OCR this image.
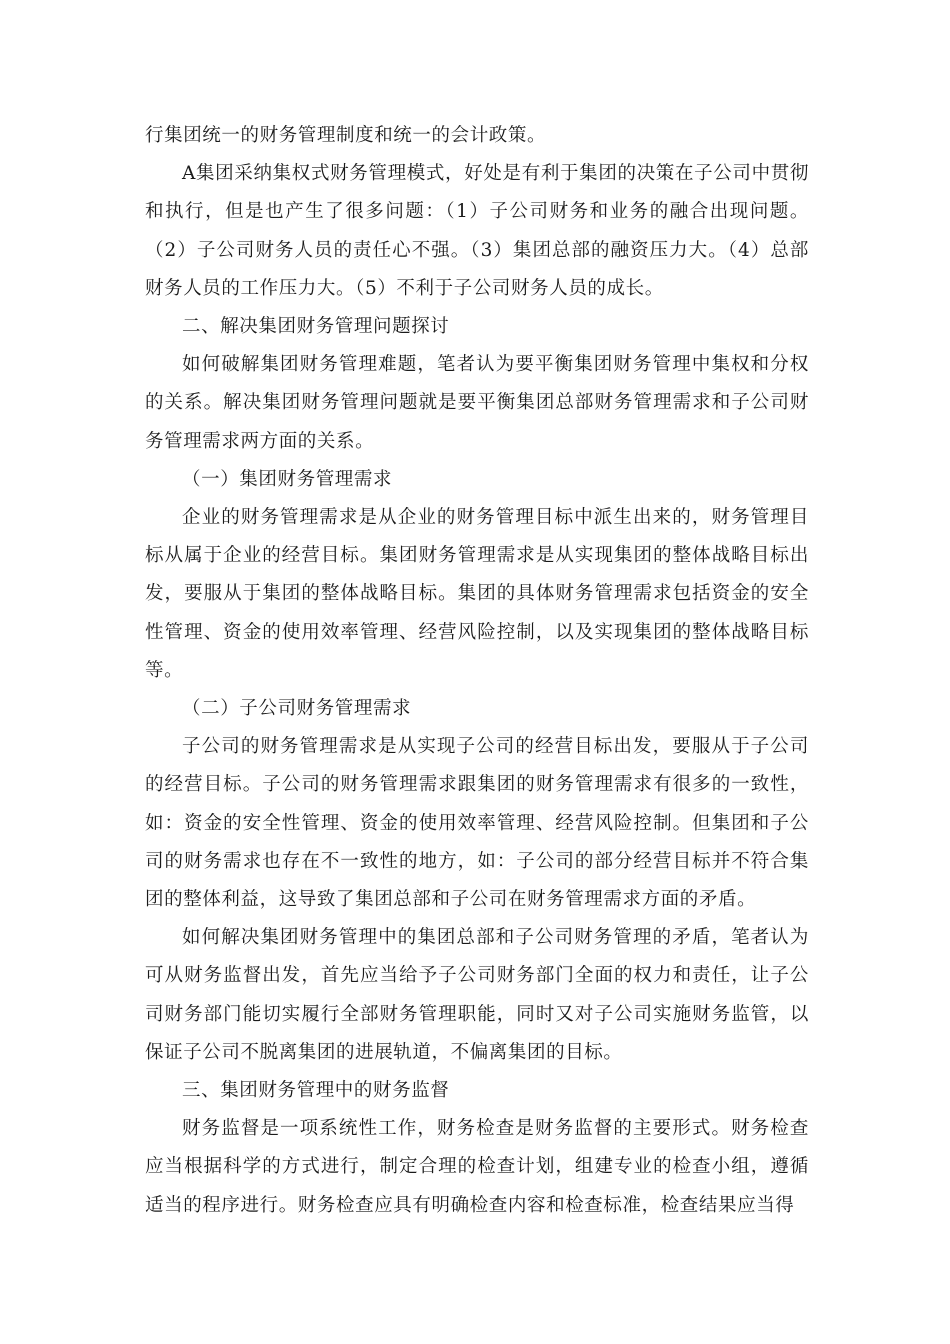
行集团统一的财务管理制度和统一的会计政策。

A集团采纳集权式财务管理模式，好处是有利于集团的决策在子公司中贯彻和执行，但是也产生了很多问题：（1）子公司财务和业务的融合出现问题。（2）子公司财务人员的责任心不强。（3）集团总部的融资压力大。（4）总部财务人员的工作压力大。（5）不利于子公司财务人员的成长。

二、解决集团财务管理问题探讨

如何破解集团财务管理难题，笔者认为要平衡集团财务管理中集权和分权的关系。解决集团财务管理问题就是要平衡集团总部财务管理需求和子公司财务管理需求两方面的关系。

（一）集团财务管理需求

企业的财务管理需求是从企业的财务管理目标中派生出来的，财务管理目标从属于企业的经营目标。集团财务管理需求是从实现集团的整体战略目标出发，要服从于集团的整体战略目标。集团的具体财务管理需求包括资金的安全性管理、资金的使用效率管理、经营风险控制，以及实现集团的整体战略目标等。

（二）子公司财务管理需求

子公司的财务管理需求是从实现子公司的经营目标出发，要服从于子公司的经营目标。子公司的财务管理需求跟集团的财务管理需求有很多的一致性，如：资金的安全性管理、资金的使用效率管理、经营风险控制。但集团和子公司的财务需求也存在不一致性的地方，如：子公司的部分经营目标并不符合集团的整体利益，这导致了集团总部和子公司在财务管理需求方面的矛盾。

如何解决集团财务管理中的集团总部和子公司财务管理的矛盾，笔者认为可从财务监督出发，首先应当给予子公司财务部门全面的权力和责任，让子公司财务部门能切实履行全部财务管理职能，同时又对子公司实施财务监管，以保证子公司不脱离集团的进展轨道，不偏离集团的目标。

三、集团财务管理中的财务监督

财务监督是一项系统性工作，财务检查是财务监督的主要形式。财务检查应当根据科学的方式进行，制定合理的检查计划，组建专业的检查小组，遵循适当的程序进行。财务检查应具有明确检查内容和检查标准，检查结果应当得
